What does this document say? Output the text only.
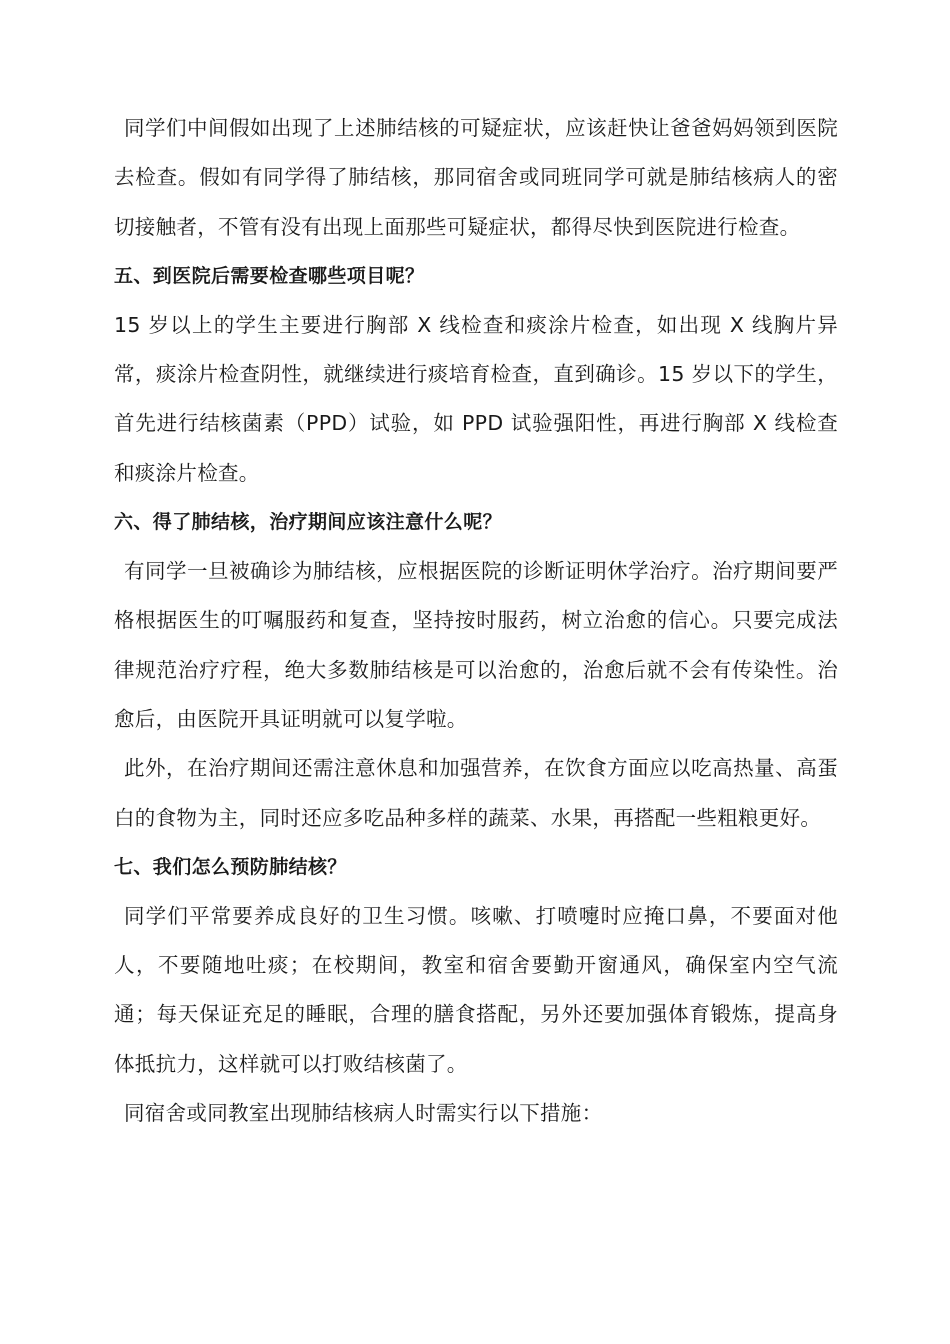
同学们中间假如出现了上述肺结核的可疑症状，应该赶快让爸爸妈妈领到医院去检查。假如有同学得了肺结核，那同宿舍或同班同学可就是肺结核病人的密切接触者，不管有没有出现上面那些可疑症状，都得尽快到医院进行检查。

五、到医院后需要检查哪些项目呢？

15 岁以上的学生主要进行胸部 X 线检查和痰涂片检查，如出现 X 线胸片异常，痰涂片检查阴性，就继续进行痰培育检查，直到确诊。15 岁以下的学生，首先进行结核菌素（PPD）试验，如 PPD 试验强阳性，再进行胸部 X 线检查和痰涂片检查。

六、得了肺结核，治疗期间应该注意什么呢？

有同学一旦被确诊为肺结核，应根据医院的诊断证明休学治疗。治疗期间要严格根据医生的叮嘱服药和复查，坚持按时服药，树立治愈的信心。只要完成法律规范治疗疗程，绝大多数肺结核是可以治愈的，治愈后就不会有传染性。治愈后，由医院开具证明就可以复学啦。

此外，在治疗期间还需注意休息和加强营养，在饮食方面应以吃高热量、高蛋白的食物为主，同时还应多吃品种多样的蔬菜、水果，再搭配一些粗粮更好。

七、我们怎么预防肺结核？

同学们平常要养成良好的卫生习惯。咳嗽、打喷嚏时应掩口鼻，不要面对他人，不要随地吐痰；在校期间，教室和宿舍要勤开窗通风，确保室内空气流通；每天保证充足的睡眠，合理的膳食搭配，另外还要加强体育锻炼，提高身体抵抗力，这样就可以打败结核菌了。

同宿舍或同教室出现肺结核病人时需实行以下措施：
